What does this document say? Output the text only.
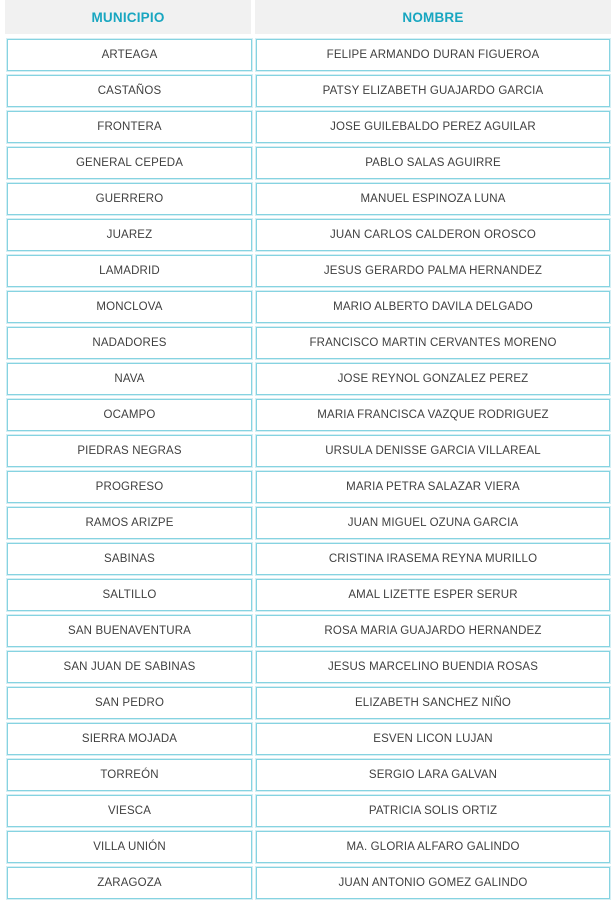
MUNICIPIO	NOMBRE
ARTEAGA	FELIPE ARMANDO DURAN FIGUEROA
CASTAÑOS	PATSY ELIZABETH GUAJARDO GARCIA
FRONTERA	JOSE GUILEBALDO PEREZ AGUILAR
GENERAL CEPEDA	PABLO SALAS AGUIRRE
GUERRERO	MANUEL ESPINOZA LUNA
JUAREZ	JUAN CARLOS CALDERON OROSCO
LAMADRID	JESUS GERARDO PALMA HERNANDEZ
MONCLOVA	MARIO ALBERTO DAVILA DELGADO
NADADORES	FRANCISCO MARTIN CERVANTES MORENO
NAVA	JOSE REYNOL GONZALEZ PEREZ
OCAMPO	MARIA FRANCISCA VAZQUE RODRIGUEZ
PIEDRAS NEGRAS	URSULA DENISSE GARCIA VILLAREAL
PROGRESO	MARIA PETRA SALAZAR VIERA
RAMOS ARIZPE	JUAN MIGUEL OZUNA GARCIA
SABINAS	CRISTINA IRASEMA REYNA MURILLO
SALTILLO	AMAL LIZETTE ESPER SERUR
SAN BUENAVENTURA	ROSA MARIA GUAJARDO HERNANDEZ
SAN JUAN DE SABINAS	JESUS MARCELINO BUENDIA ROSAS
SAN PEDRO	ELIZABETH SANCHEZ NIÑO
SIERRA MOJADA	ESVEN LICON LUJAN
TORREÓN	SERGIO LARA GALVAN
VIESCA	PATRICIA SOLIS ORTIZ
VILLA UNIÓN	MA. GLORIA ALFARO GALINDO
ZARAGOZA	JUAN ANTONIO GOMEZ GALINDO
